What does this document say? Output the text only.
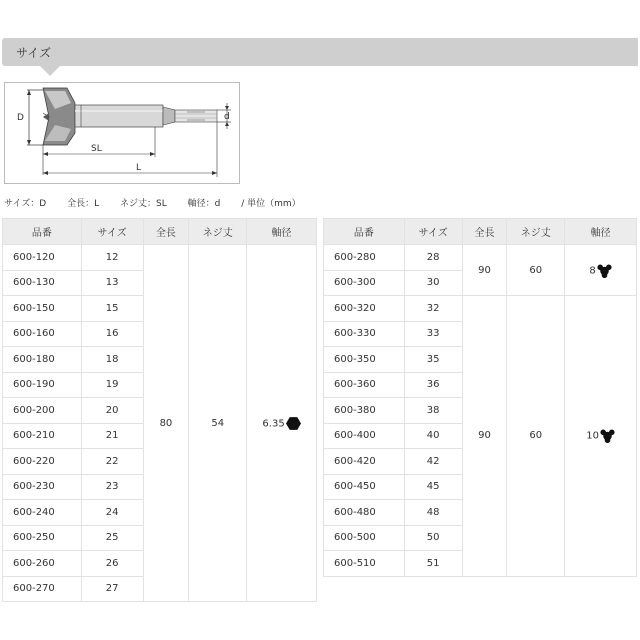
サイズ
D	d
SL
L
サイズ：D 全長：L ネジ丈：SL 軸径：d / 単位（mm）
品番	サイズ	全長	ネジ丈	軸径
600-120	12	80	54	6.35
600-130	13			
600-150	15			
600-160	16			
600-180	18			
600-190	19			
600-200	20			
600-210	21			
600-220	22			
600-230	23			
600-240	24			
600-250	25			
600-260	26			
600-270	27			
品番	サイズ	全長	ネジ丈	軸径
600-280	28	90	60	8
600-300	30			
600-320	32	90	60	10
600-330	33			
600-350	35			
600-360	36			
600-380	38			
600-400	40			
600-420	42			
600-450	45			
600-480	48			
600-500	50			
600-510	51			
